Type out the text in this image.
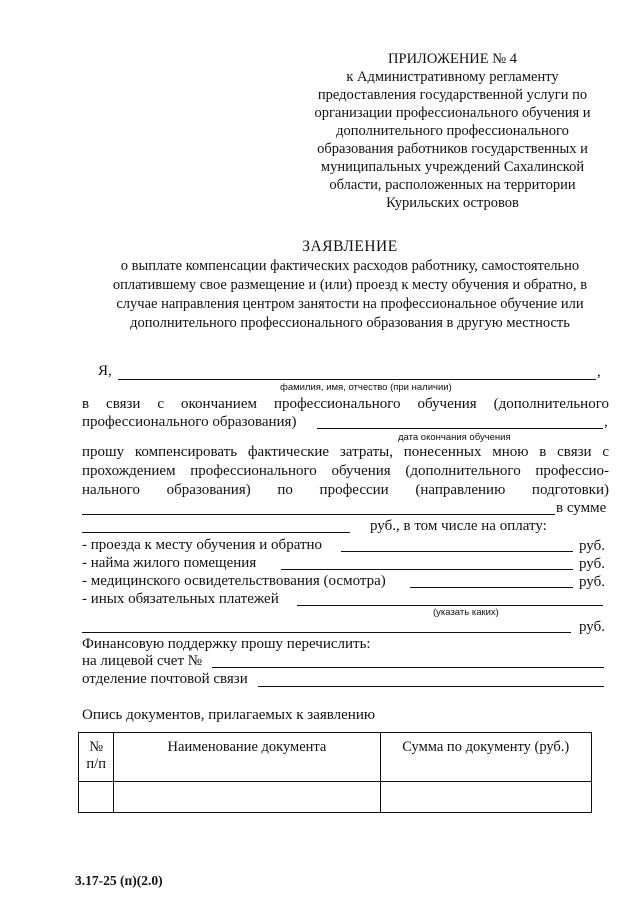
ПРИЛОЖЕНИЕ № 4
к Административному регламенту
предоставления государственной услуги по
организации профессионального обучения и
дополнительного профессионального
образования работников государственных и
муниципальных учреждений Сахалинской
области, расположенных на территории
Курильских островов
ЗАЯВЛЕНИЕ
о выплате компенсации фактических расходов работнику, самостоятельно
оплатившему свое размещение и (или) проезд к месту обучения и обратно, в
случае направления центром занятости на профессиональное обучение или
дополнительного профессионального образования в другую местность
Я,	,
фамилия, имя, отчество (при наличии)
в связи с окончанием профессионального обучения (дополнительного
профессионального образования)	,
дата окончания обучения
прошу компенсировать фактические затраты, понесенных мною в связи с
прохождением профессионального обучения (дополнительного профессио-
нального образования) по профессии (направлению подготовки)
в сумме
руб., в том числе на оплату:
- проезда к месту обучения и обратно	руб.
- найма жилого помещения	руб.
- медицинского освидетельствования (осмотра)	руб.
- иных обязательных платежей
(указать каких)
руб.
Финансовую поддержку прошу перечислить:
на лицевой счет №
отделение почтовой связи
Опись документов, прилагаемых к заявлению
№
п/п	Наименование документа	Сумма по документу (руб.)

3.17-25 (п)(2.0)
